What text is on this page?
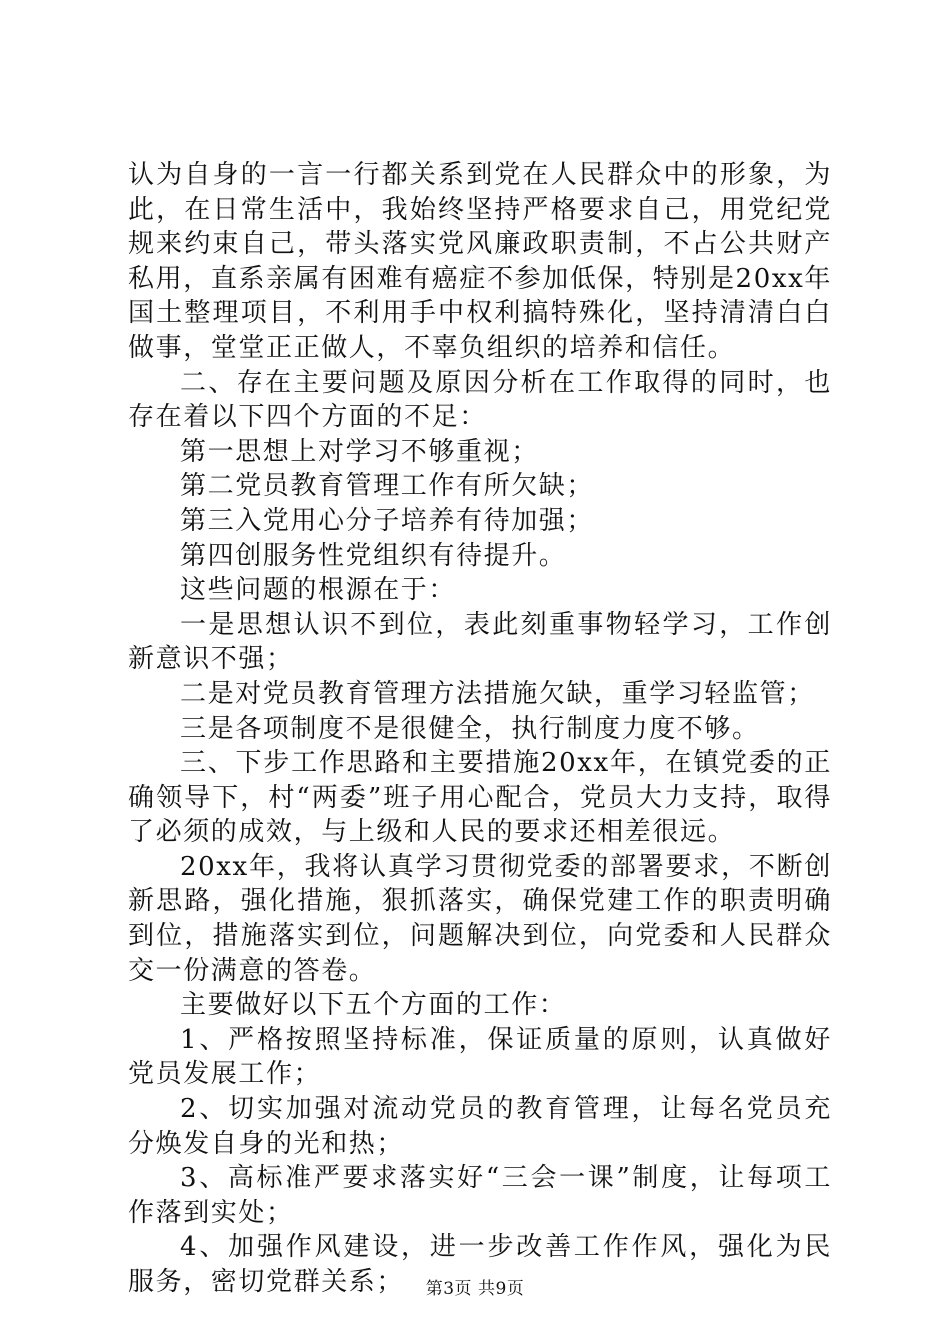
认为自身的一言一行都关系到党在人民群众中的形象，为此，在日常生活中，我始终坚持严格要求自己，用党纪党规来约束自己，带头落实党风廉政职责制，不占公共财产私用，直系亲属有困难有癌症不参加低保，特别是20xx年国土整理项目，不利用手中权利搞特殊化，坚持清清白白做事，堂堂正正做人，不辜负组织的培养和信任。

二、存在主要问题及原因分析在工作取得的同时，也存在着以下四个方面的不足：

第一思想上对学习不够重视；

第二党员教育管理工作有所欠缺；

第三入党用心分子培养有待加强；

第四创服务性党组织有待提升。

这些问题的根源在于：

一是思想认识不到位，表此刻重事物轻学习，工作创新意识不强；

二是对党员教育管理方法措施欠缺，重学习轻监管；

三是各项制度不是很健全，执行制度力度不够。

三、下步工作思路和主要措施20xx年，在镇党委的正确领导下，村“两委”班子用心配合，党员大力支持，取得了必须的成效，与上级和人民的要求还相差很远。

20xx年，我将认真学习贯彻党委的部署要求，不断创新思路，强化措施，狠抓落实，确保党建工作的职责明确到位，措施落实到位，问题解决到位，向党委和人民群众交一份满意的答卷。

主要做好以下五个方面的工作：

1、严格按照坚持标准，保证质量的原则，认真做好党员发展工作；

2、切实加强对流动党员的教育管理，让每名党员充分焕发自身的光和热；

3、高标准严要求落实好“三会一课”制度，让每项工作落到实处；

4、加强作风建设，进一步改善工作作风，强化为民服务，密切党群关系；	第3页 共9页
